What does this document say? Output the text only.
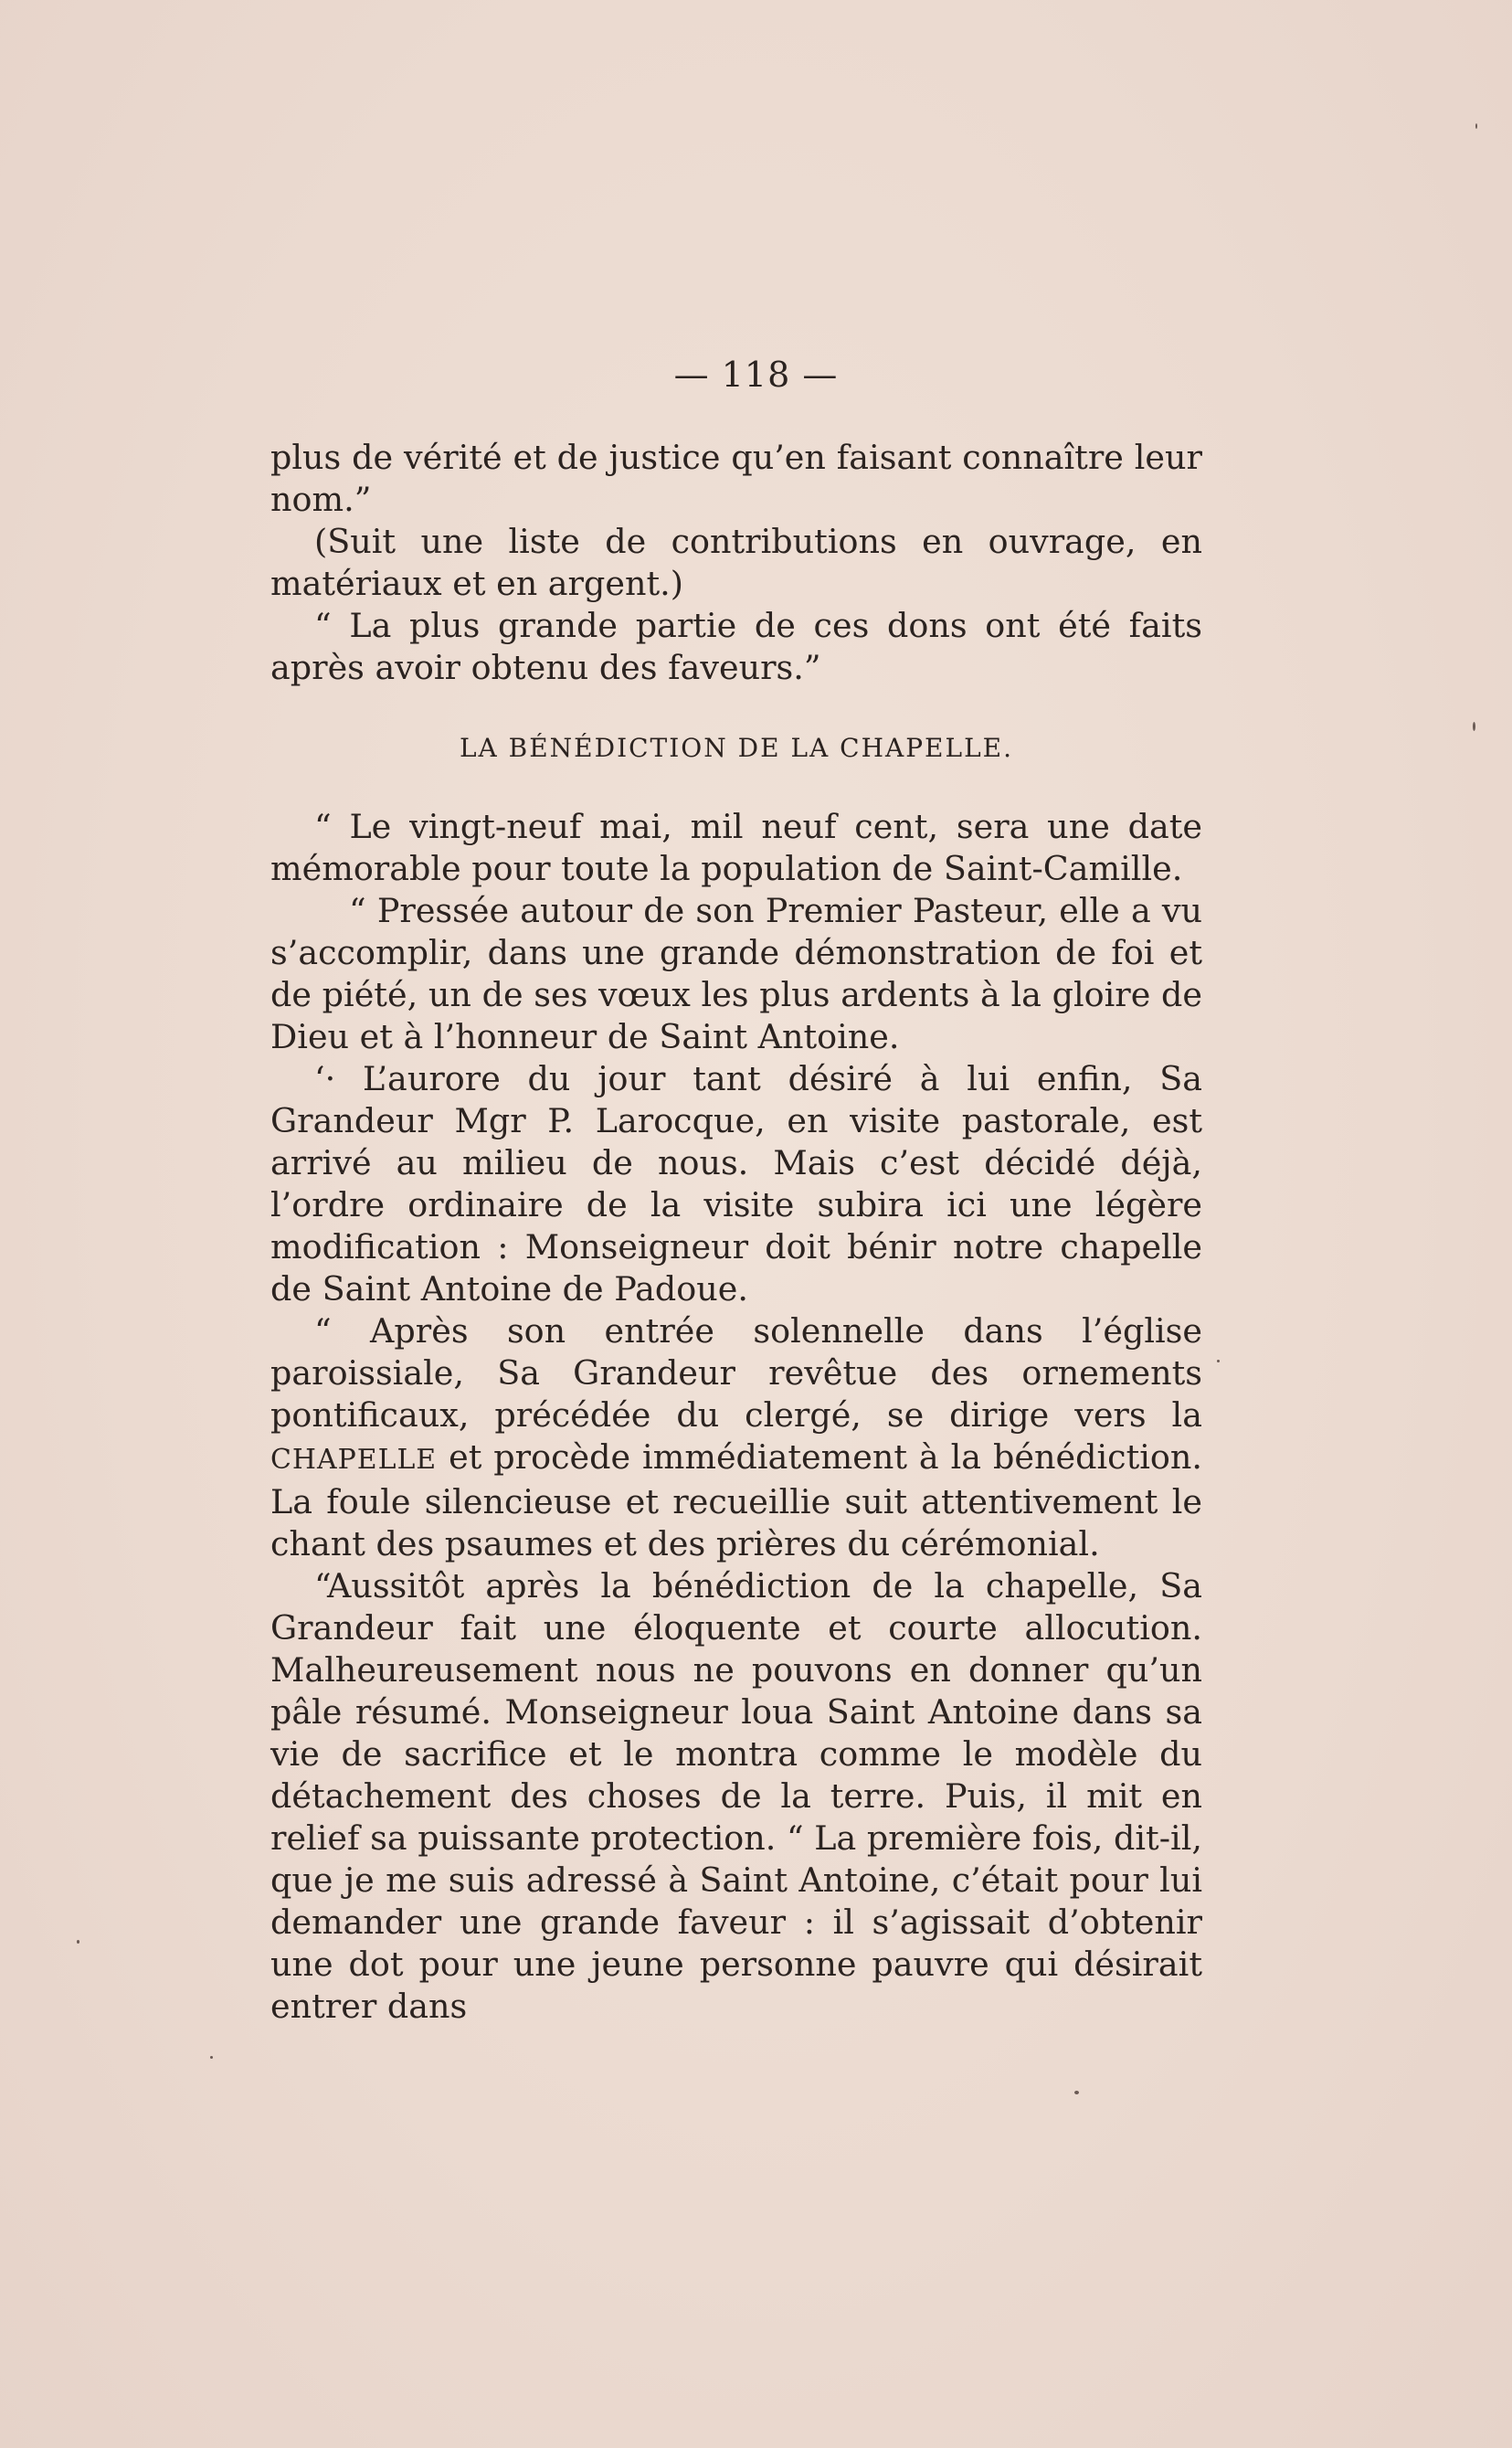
— 118 —

plus de vérité et de justice qu’en faisant connaître leur nom.”

(Suit une liste de contributions en ouvrage, en matériaux et en argent.)

“ La plus grande partie de ces dons ont été faits après avoir obtenu des faveurs.”

LA BÉNÉDICTION DE LA CHAPELLE.

“ Le vingt-neuf mai, mil neuf cent, sera une date mémorable pour toute la population de Saint-Camille.

“ Pressée autour de son Premier Pasteur, elle a vu s’accomplir, dans une grande démonstration de foi et de piété, un de ses vœux les plus ardents à la gloire de Dieu et à l’honneur de Saint Antoine.

‘· L’aurore du jour tant désiré à lui enfin, Sa Grandeur Mgr P. Larocque, en visite pastorale, est arrivé au milieu de nous. Mais c’est décidé déjà, l’ordre ordinaire de la visite subira ici une légère modification : Monseigneur doit bénir notre chapelle de Saint Antoine de Padoue.

“ Après son entrée solennelle dans l’église paroissiale, Sa Grandeur revêtue des ornements pontificaux, précédée du clergé, se dirige vers la CHAPELLE et procède immédiatement à la bénédiction. La foule silencieuse et recueillie suit attentivement le chant des psaumes et des prières du cérémonial.

“Aussitôt après la bénédiction de la chapelle, Sa Grandeur fait une éloquente et courte allocution. Malheureusement nous ne pouvons en donner qu’un pâle résumé. Monseigneur loua Saint Antoine dans sa vie de sacrifice et le montra comme le modèle du détachement des choses de la terre. Puis, il mit en relief sa puissante protection. “ La première fois, dit-il, que je me suis adressé à Saint Antoine, c’était pour lui demander une grande faveur : il s’agissait d’obtenir une dot pour une jeune personne pauvre qui désirait entrer dans
